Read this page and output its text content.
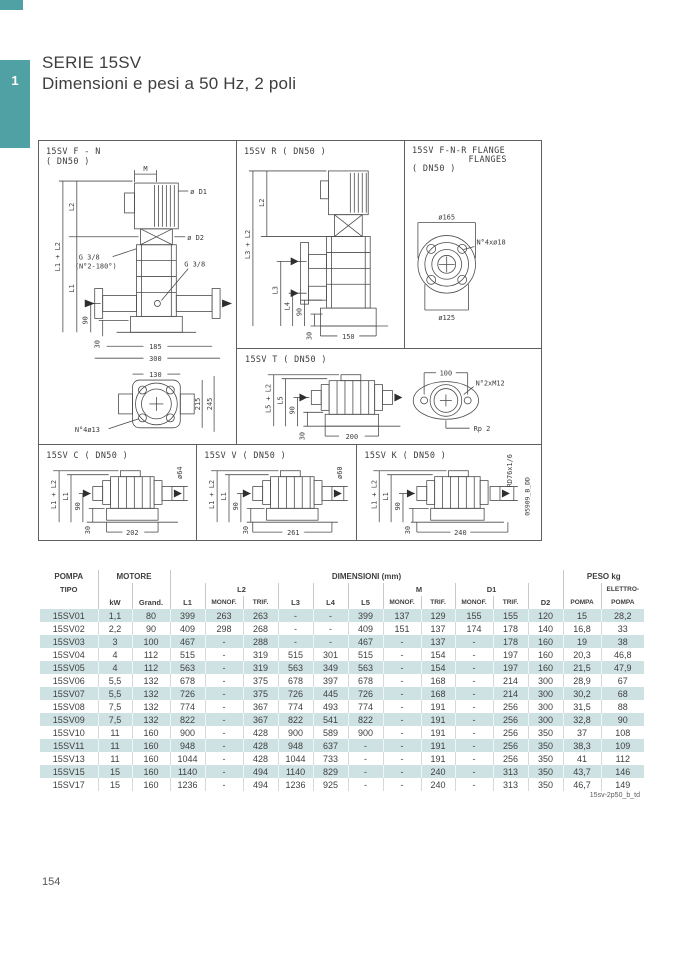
1
SERIE 15SV
Dimensioni e pesi a 50 Hz, 2 poli
15SV F - N
( DN50 )
M
ø D1
ø D2
L1 + L2
L2
L1
90
30
G 3/8
(N°2-180°)	G 3/8
185
300
130
215 245
N°4ø13
15SV R ( DN50 )
L3 + L2
L2
L3
L4
90
30	150
15SV F-N-R FLANGE
FLANGES
( DN50 )
ø165
N°4xø18
ø125
15SV T ( DN50 )
L5 + L2 L5
90
30	200
100
N°2xM12
Rp 2
15SV C ( DN50 )
L1 + L2 L1
90
30	202
ø64
15SV V ( DN50 )
L1 + L2 L1
90
30	261
ø60
15SV K ( DN50 )
L1 + L2 L1
90
30	240
RD76x1/6
05909_B_DD
POMPA	MOTORE		DIMENSIONI (mm)											PESO kg	
TIPO				L2					M		D1				ELETTRO-
	kW	Grand.	L1	MONOF.	TRIF.	L3	L4	L5	MONOF.	TRIF.	MONOF.	TRIF.	D2	POMPA	POMPA
15SV01	1,1	80	399	263	263	-	-	399	137	129	155	155	120	15	28,2
15SV02	2,2	90	409	298	268	-	-	409	151	137	174	178	140	16,8	33
15SV03	3	100	467	-	288	-	-	467	-	137	-	178	160	19	38
15SV04	4	112	515	-	319	515	301	515	-	154	-	197	160	20,3	46,8
15SV05	4	112	563	-	319	563	349	563	-	154	-	197	160	21,5	47,9
15SV06	5,5	132	678	-	375	678	397	678	-	168	-	214	300	28,9	67
15SV07	5,5	132	726	-	375	726	445	726	-	168	-	214	300	30,2	68
15SV08	7,5	132	774	-	367	774	493	774	-	191	-	256	300	31,5	88
15SV09	7,5	132	822	-	367	822	541	822	-	191	-	256	300	32,8	90
15SV10	11	160	900	-	428	900	589	900	-	191	-	256	350	37	108
15SV11	11	160	948	-	428	948	637	-	-	191	-	256	350	38,3	109
15SV13	11	160	1044	-	428	1044	733	-	-	191	-	256	350	41	112
15SV15	15	160	1140	-	494	1140	829	-	-	240	-	313	350	43,7	146
15SV17	15	160	1236	-	494	1236	925	-	-	240	-	313	350	46,7	149
15sv-2p50_b_td
154
